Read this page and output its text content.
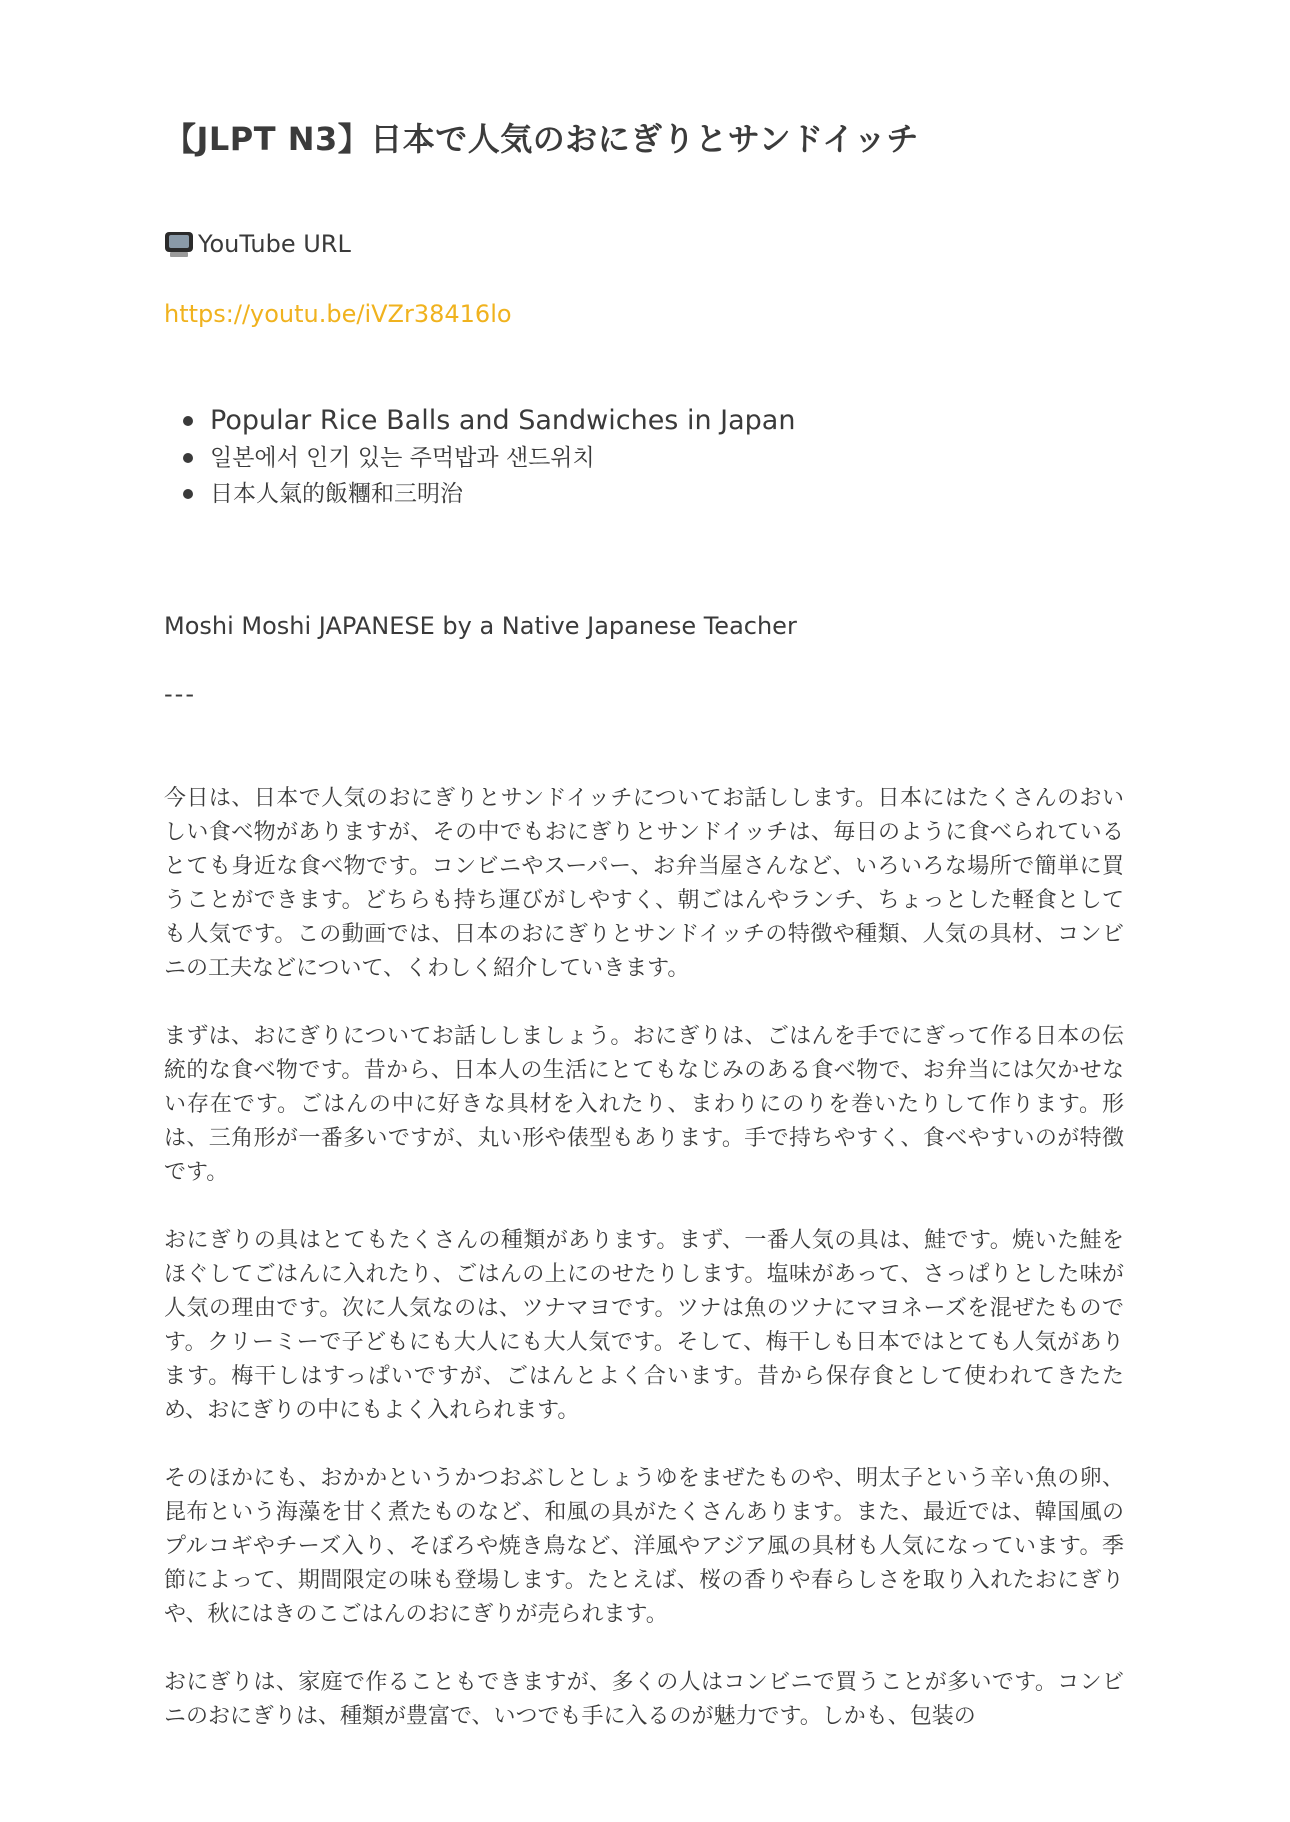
【JLPT N3】日本で人気のおにぎりとサンドイッチ
YouTube URL
https://youtu.be/iVZr38416lo
Popular Rice Balls and Sandwiches in Japan
일본에서 인기 있는 주먹밥과 샌드위치
日本人氣的飯糰和三明治
Moshi Moshi JAPANESE by a Native Japanese Teacher
---

今日は、日本で人気のおにぎりとサンドイッチについてお話しします。日本にはたくさんのおいしい食べ物がありますが、その中でもおにぎりとサンドイッチは、毎日のように食べられているとても身近な食べ物です。コンビニやスーパー、お弁当屋さんなど、いろいろな場所で簡単に買うことができます。どちらも持ち運びがしやすく、朝ごはんやランチ、ちょっとした軽食としても人気です。この動画では、日本のおにぎりとサンドイッチの特徴や種類、人気の具材、コンビニの工夫などについて、くわしく紹介していきます。

まずは、おにぎりについてお話ししましょう。おにぎりは、ごはんを手でにぎって作る日本の伝統的な食べ物です。昔から、日本人の生活にとてもなじみのある食べ物で、お弁当には欠かせない存在です。ごはんの中に好きな具材を入れたり、まわりにのりを巻いたりして作ります。形は、三角形が一番多いですが、丸い形や俵型もあります。手で持ちやすく、食べやすいのが特徴です。

おにぎりの具はとてもたくさんの種類があります。まず、一番人気の具は、鮭です。焼いた鮭をほぐしてごはんに入れたり、ごはんの上にのせたりします。塩味があって、さっぱりとした味が人気の理由です。次に人気なのは、ツナマヨです。ツナは魚のツナにマヨネーズを混ぜたものです。クリーミーで子どもにも大人にも大人気です。そして、梅干しも日本ではとても人気があります。梅干しはすっぱいですが、ごはんとよく合います。昔から保存食として使われてきたため、おにぎりの中にもよく入れられます。

そのほかにも、おかかというかつおぶしとしょうゆをまぜたものや、明太子という辛い魚の卵、昆布という海藻を甘く煮たものなど、和風の具がたくさんあります。また、最近では、韓国風のプルコギやチーズ入り、そぼろや焼き鳥など、洋風やアジア風の具材も人気になっています。季節によって、期間限定の味も登場します。たとえば、桜の香りや春らしさを取り入れたおにぎりや、秋にはきのこごはんのおにぎりが売られます。

おにぎりは、家庭で作ることもできますが、多くの人はコンビニで買うことが多いです。コンビニのおにぎりは、種類が豊富で、いつでも手に入るのが魅力です。しかも、包装の
